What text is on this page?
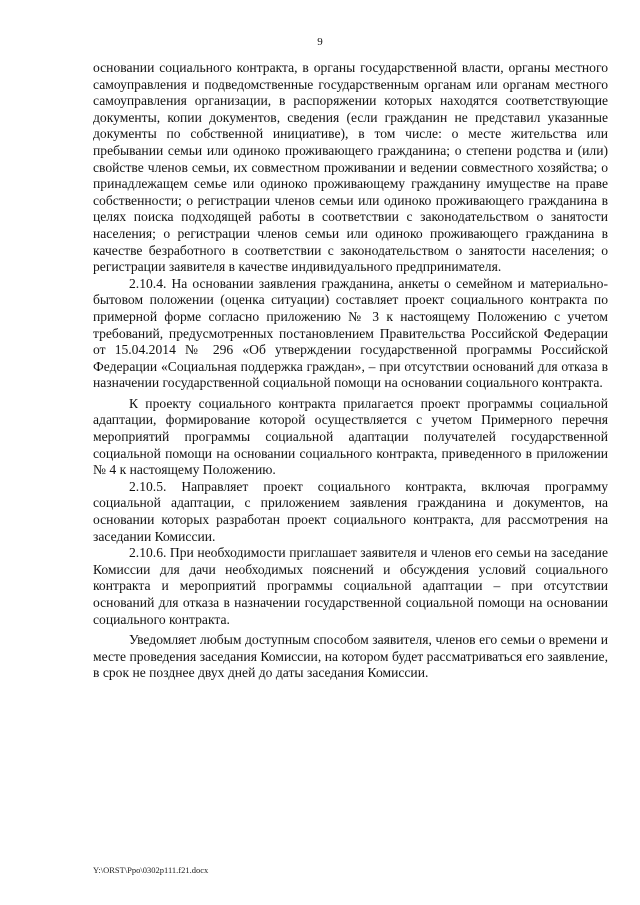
9

основании социального контракта, в органы государственной власти, органы местного самоуправления и подведомственные государственным органам или органам местного самоуправления организации, в распоряжении которых находятся соответствующие документы, копии документов, сведения (если гражданин не представил указанные документы по собственной инициативе), в том числе: о месте жительства или пребывании семьи или одиноко проживающего гражданина; о степени родства и (или) свойстве членов семьи, их совместном проживании и ведении совместного хозяйства; о принадлежащем семье или одиноко проживающему гражданину имуществе на праве собственности; о регистрации членов семьи или одиноко проживающего гражданина в целях поиска подходящей работы в соответствии с законодательством о занятости населения; о регистрации членов семьи или одиноко проживающего гражданина в качестве безработного в соответствии с законодательством о занятости населения; о регистрации заявителя в качестве индивидуального предпринимателя.

2.10.4. На основании заявления гражданина, анкеты о семейном и материально-бытовом положении (оценка ситуации) составляет проект социального контракта по примерной форме согласно приложению № 3 к настоящему Положению с учетом требований, предусмотренных постановлением Правительства Российской Федерации от 15.04.2014 № 296 «Об утверждении государственной программы Российской Федерации «Социальная поддержка граждан», – при отсутствии оснований для отказа в назначении государственной социальной помощи на основании социального контракта.

К проекту социального контракта прилагается проект программы социальной адаптации, формирование которой осуществляется с учетом Примерного перечня мероприятий программы социальной адаптации получателей государственной социальной помощи на основании социального контракта, приведенного в приложении № 4 к настоящему Положению.

2.10.5. Направляет проект социального контракта, включая программу социальной адаптации, с приложением заявления гражданина и документов, на основании которых разработан проект социального контракта, для рассмотрения на заседании Комиссии.

2.10.6. При необходимости приглашает заявителя и членов его семьи на заседание Комиссии для дачи необходимых пояснений и обсуждения условий социального контракта и мероприятий программы социальной адаптации – при отсутствии оснований для отказа в назначении государственной социальной помощи на основании социального контракта.

Уведомляет любым доступным способом заявителя, членов его семьи о времени и месте проведения заседания Комиссии, на котором будет рассматриваться его заявление, в срок не позднее двух дней до даты заседания Комиссии.

Y:\ORST\Ppo\0302p111.f21.docx
